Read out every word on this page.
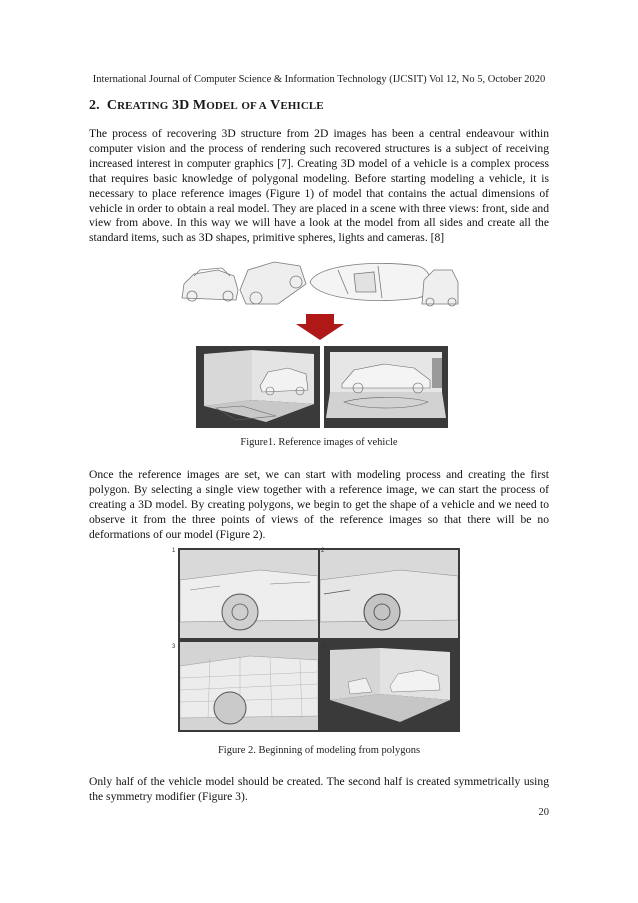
International Journal of Computer Science & Information Technology (IJCSIT) Vol 12, No 5, October 2020
2. CREATING 3D MODEL OF A VEHICLE
The process of recovering 3D structure from 2D images has been a central endeavour within computer vision and the process of rendering such recovered structures is a subject of receiving increased interest in computer graphics [7]. Creating 3D model of a vehicle is a complex process that requires basic knowledge of polygonal modeling. Before starting modeling a vehicle, it is necessary to place reference images (Figure 1) of model that contains the actual dimensions of vehicle in order to obtain a real model. They are placed in a scene with three views: front, side and view from above. In this way we will have a look at the model from all sides and create all the standard items, such as 3D shapes, primitive spheres, lights and cameras. [8]
Figure1. Reference images of vehicle
Once the reference images are set, we can start with modeling process and creating the first polygon. By selecting a single view together with a reference image, we can start the process of creating a 3D model. By creating polygons, we begin to get the shape of a vehicle and we need to observe it from the three points of views of the reference images so that there will be no deformations of our model (Figure 2).
1	2
3	4
Figure 2. Beginning of modeling from polygons
Only half of the vehicle model should be created. The second half is created symmetrically using the symmetry modifier (Figure 3).
20
